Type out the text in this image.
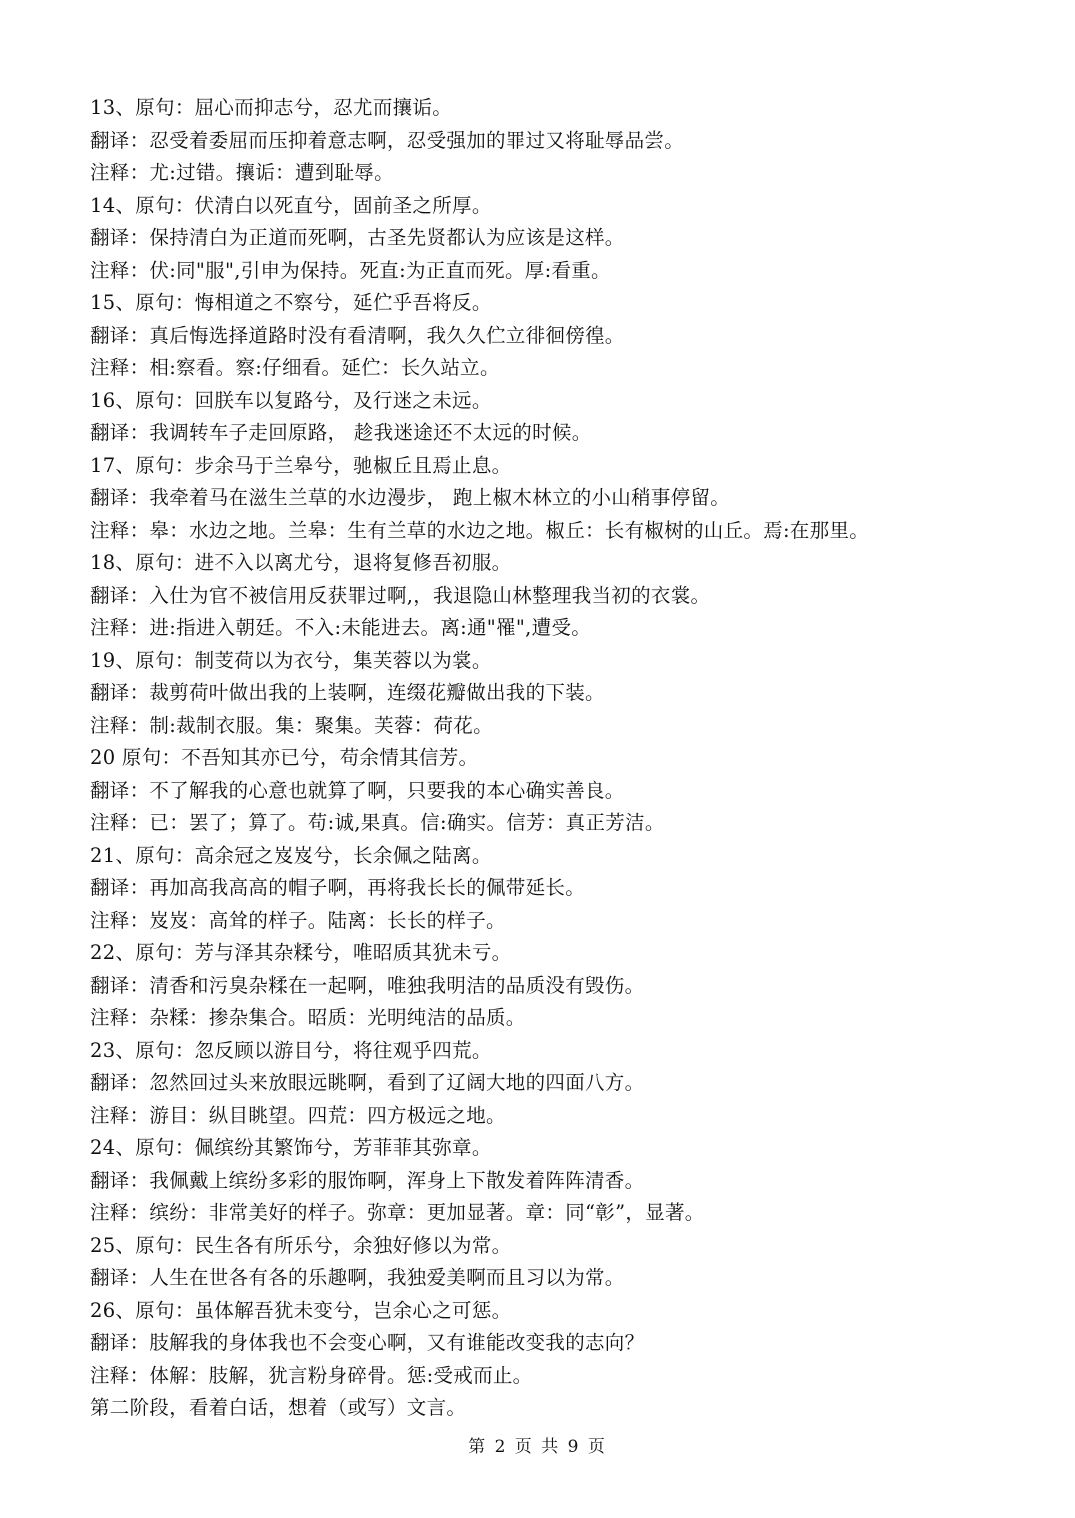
13、原句：屈心而抑志兮，忍尤而攘诟。
翻译：忍受着委屈而压抑着意志啊，忍受强加的罪过又将耻辱品尝。
注释：尤:过错。攘诟：遭到耻辱。
14、原句：伏清白以死直兮，固前圣之所厚。
翻译：保持清白为正道而死啊，古圣先贤都认为应该是这样。
注释：伏:同"服",引申为保持。死直:为正直而死。厚:看重。
15、原句：悔相道之不察兮，延伫乎吾将反。
翻译：真后悔选择道路时没有看清啊，我久久伫立徘徊傍徨。
注释：相:察看。察:仔细看。延伫：长久站立。
16、原句：回朕车以复路兮，及行迷之未远。
翻译：我调转车子走回原路， 趁我迷途还不太远的时候。
17、原句：步余马于兰皋兮，驰椒丘且焉止息。
翻译：我牵着马在滋生兰草的水边漫步， 跑上椒木林立的小山稍事停留。
注释：皋：水边之地。兰皋：生有兰草的水边之地。椒丘：长有椒树的山丘。焉:在那里。
18、原句：进不入以离尤兮，退将复修吾初服。
翻译：入仕为官不被信用反获罪过啊,，我退隐山林整理我当初的衣裳。
注释：进:指进入朝廷。不入:未能进去。离:通"罹",遭受。
19、原句：制芰荷以为衣兮，集芙蓉以为裳。
翻译：裁剪荷叶做出我的上装啊，连缀花瓣做出我的下装。
注释：制:裁制衣服。集：聚集。芙蓉：荷花。
20 原句：不吾知其亦已兮，苟余情其信芳。
翻译：不了解我的心意也就算了啊，只要我的本心确实善良。
注释：已：罢了；算了。苟:诚,果真。信:确实。信芳：真正芳洁。
21、原句：高余冠之岌岌兮，长余佩之陆离。
翻译：再加高我高高的帽子啊，再将我长长的佩带延长。
注释：岌岌：高耸的样子。陆离：长长的样子。
22、原句：芳与泽其杂糅兮，唯昭质其犹未亏。
翻译：清香和污臭杂糅在一起啊，唯独我明洁的品质没有毁伤。
注释：杂糅：掺杂集合。昭质：光明纯洁的品质。
23、原句：忽反顾以游目兮，将往观乎四荒。
翻译：忽然回过头来放眼远眺啊，看到了辽阔大地的四面八方。
注释：游目：纵目眺望。四荒：四方极远之地。
24、原句：佩缤纷其繁饰兮，芳菲菲其弥章。
翻译：我佩戴上缤纷多彩的服饰啊，浑身上下散发着阵阵清香。
注释：缤纷：非常美好的样子。弥章：更加显著。章：同“彰”，显著。
25、原句：民生各有所乐兮，余独好修以为常。
翻译：人生在世各有各的乐趣啊，我独爱美啊而且习以为常。
26、原句：虽体解吾犹未变兮，岂余心之可惩。
翻译：肢解我的身体我也不会变心啊，又有谁能改变我的志向？
注释：体解：肢解，犹言粉身碎骨。惩:受戒而止。
第二阶段，看着白话，想着（或写）文言。
第 2 页 共 9 页
